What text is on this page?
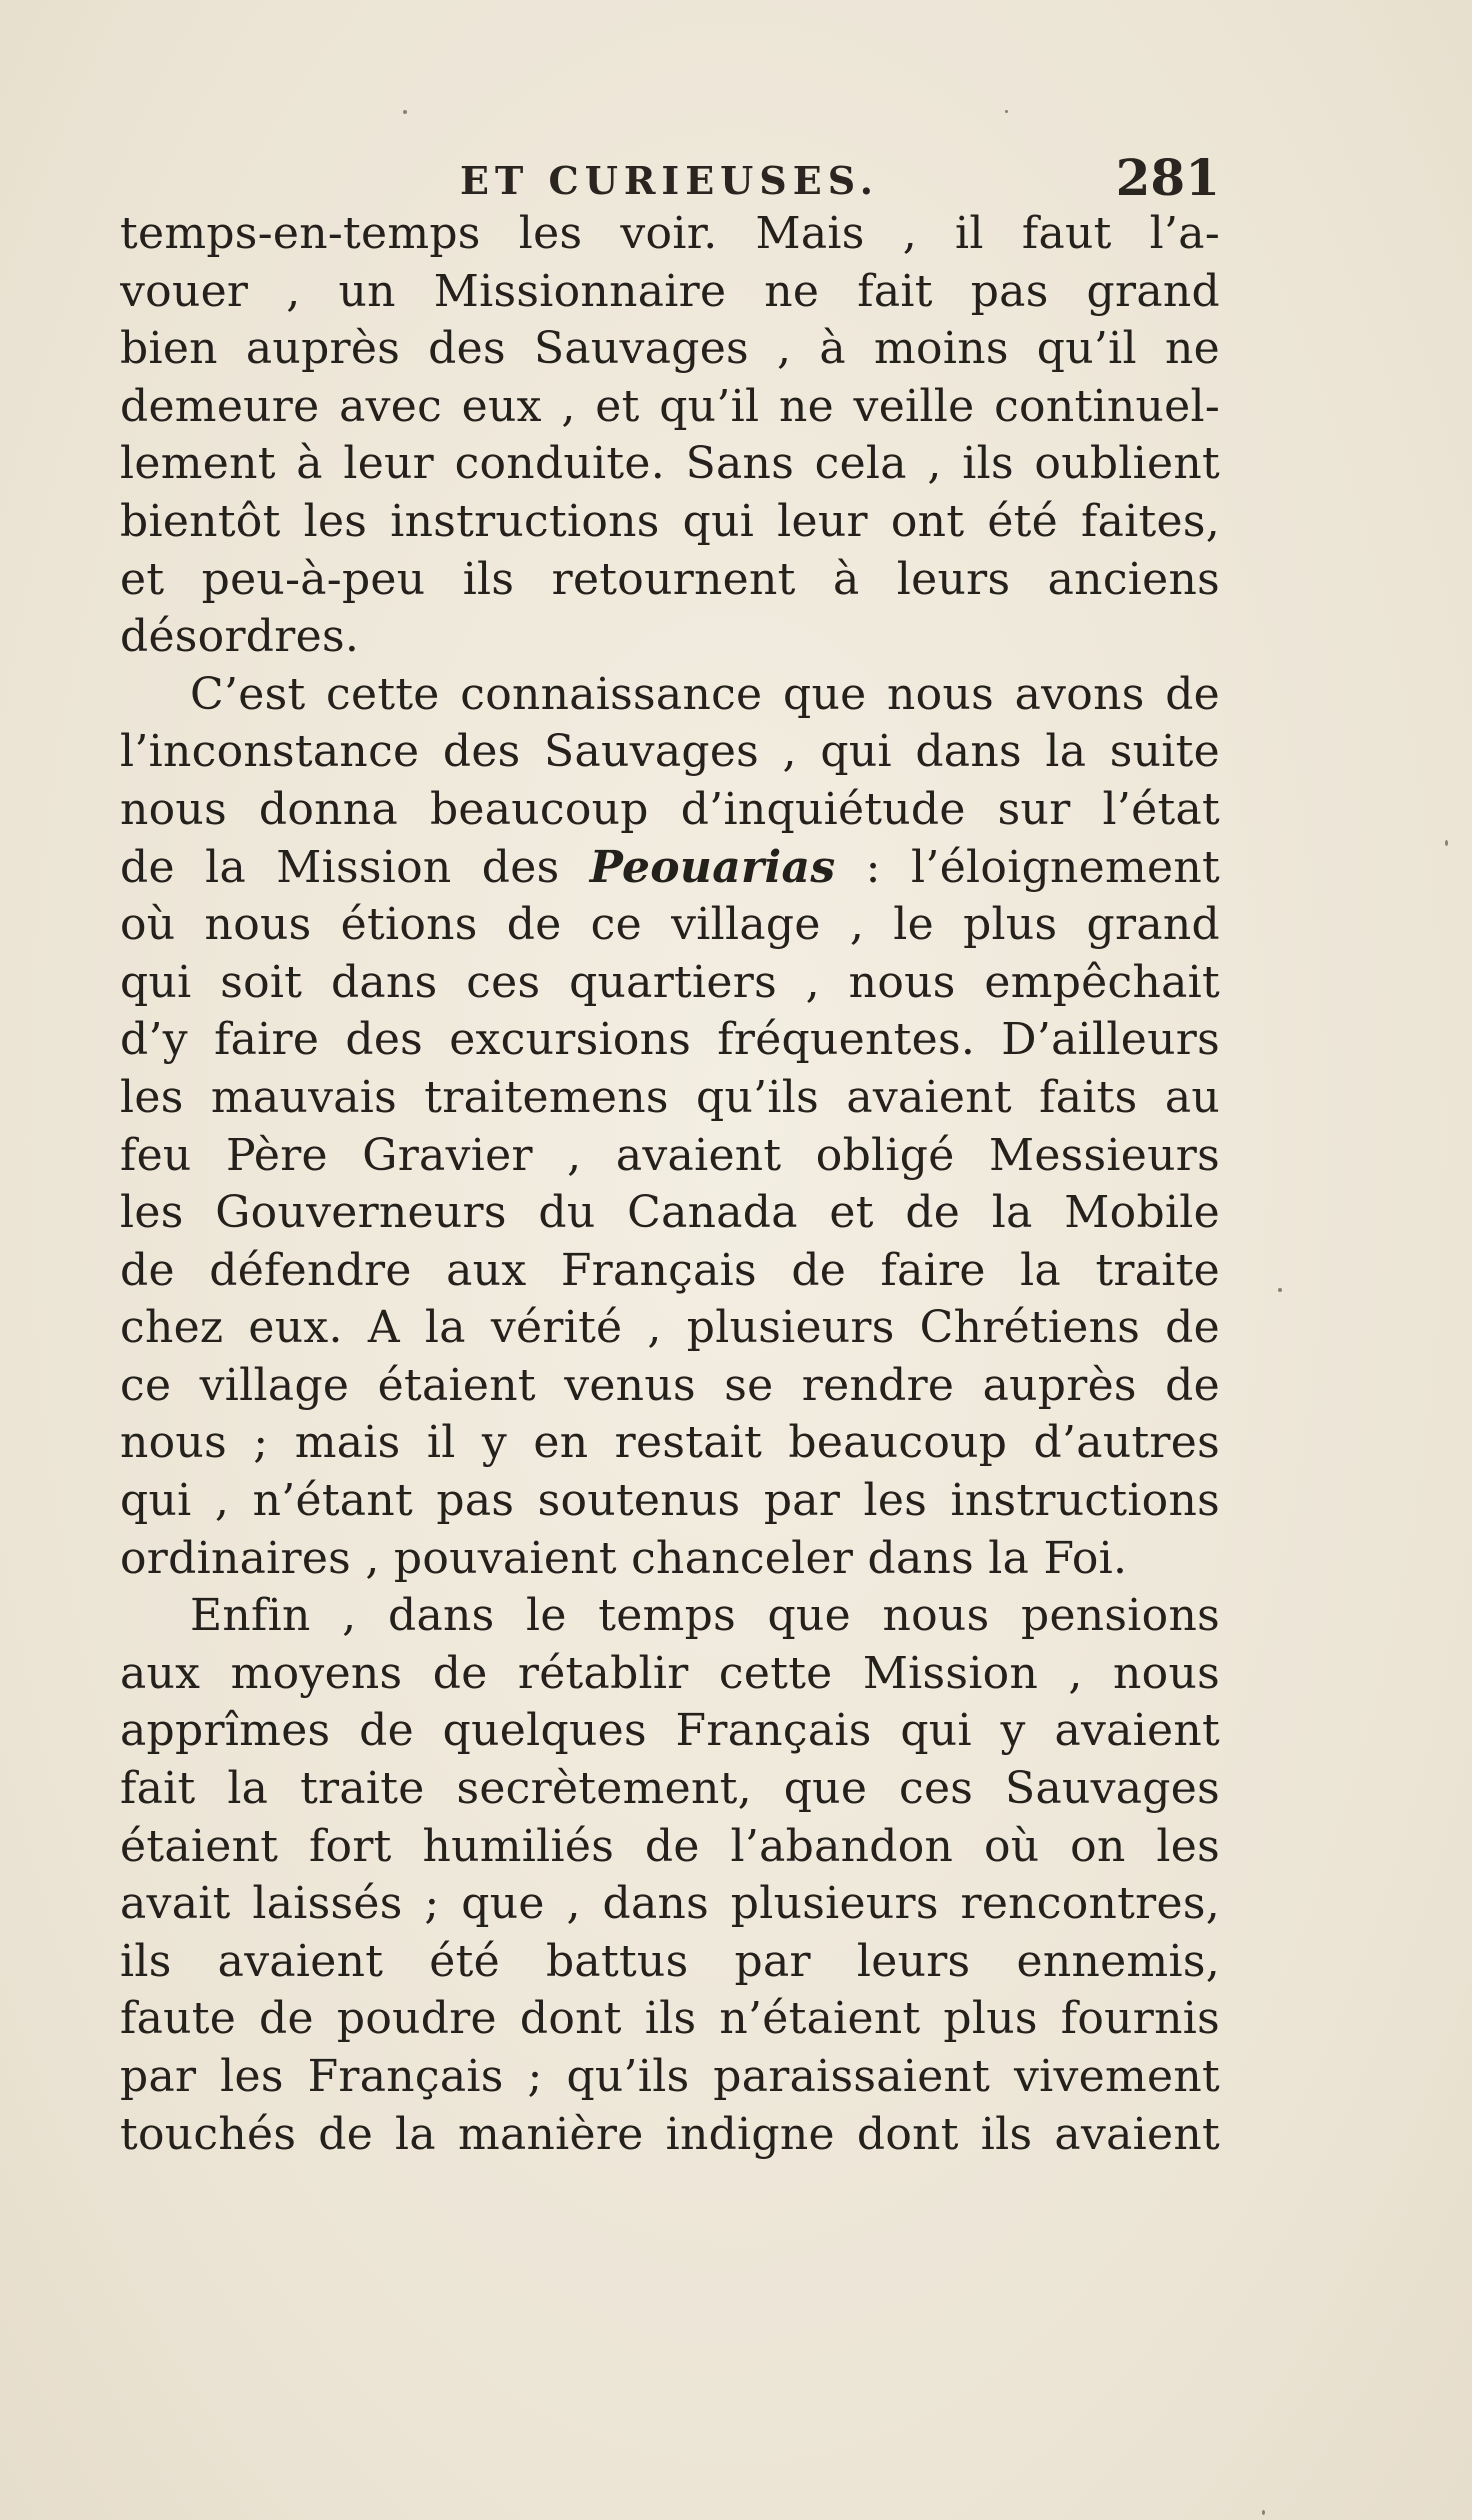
ET CURIEUSES.	281
temps-en-temps les voir. Mais , il faut l’a-
vouer , un Missionnaire ne fait pas grand
bien auprès des Sauvages , à moins qu’il ne
demeure avec eux , et qu’il ne veille continuel-
lement à leur conduite. Sans cela , ils oublient
bientôt les instructions qui leur ont été faites,
et peu-à-peu ils retournent à leurs anciens
désordres.
C’est cette connaissance que nous avons de
l’inconstance des Sauvages , qui dans la suite
nous donna beaucoup d’inquiétude sur l’état
de la Mission des Peouarias : l’éloignement
où nous étions de ce village , le plus grand
qui soit dans ces quartiers , nous empêchait
d’y faire des excursions fréquentes. D’ailleurs
les mauvais traitemens qu’ils avaient faits au
feu Père Gravier , avaient obligé Messieurs
les Gouverneurs du Canada et de la Mobile
de défendre aux Français de faire la traite
chez eux. A la vérité , plusieurs Chrétiens de
ce village étaient venus se rendre auprès de
nous ; mais il y en restait beaucoup d’autres
qui , n’étant pas soutenus par les instructions
ordinaires , pouvaient chanceler dans la Foi.
Enfin , dans le temps que nous pensions
aux moyens de rétablir cette Mission , nous
apprîmes de quelques Français qui y avaient
fait la traite secrètement, que ces Sauvages
étaient fort humiliés de l’abandon où on les
avait laissés ; que , dans plusieurs rencontres,
ils avaient été battus par leurs ennemis,
faute de poudre dont ils n’étaient plus fournis
par les Français ; qu’ils paraissaient vivement
touchés de la manière indigne dont ils avaient
